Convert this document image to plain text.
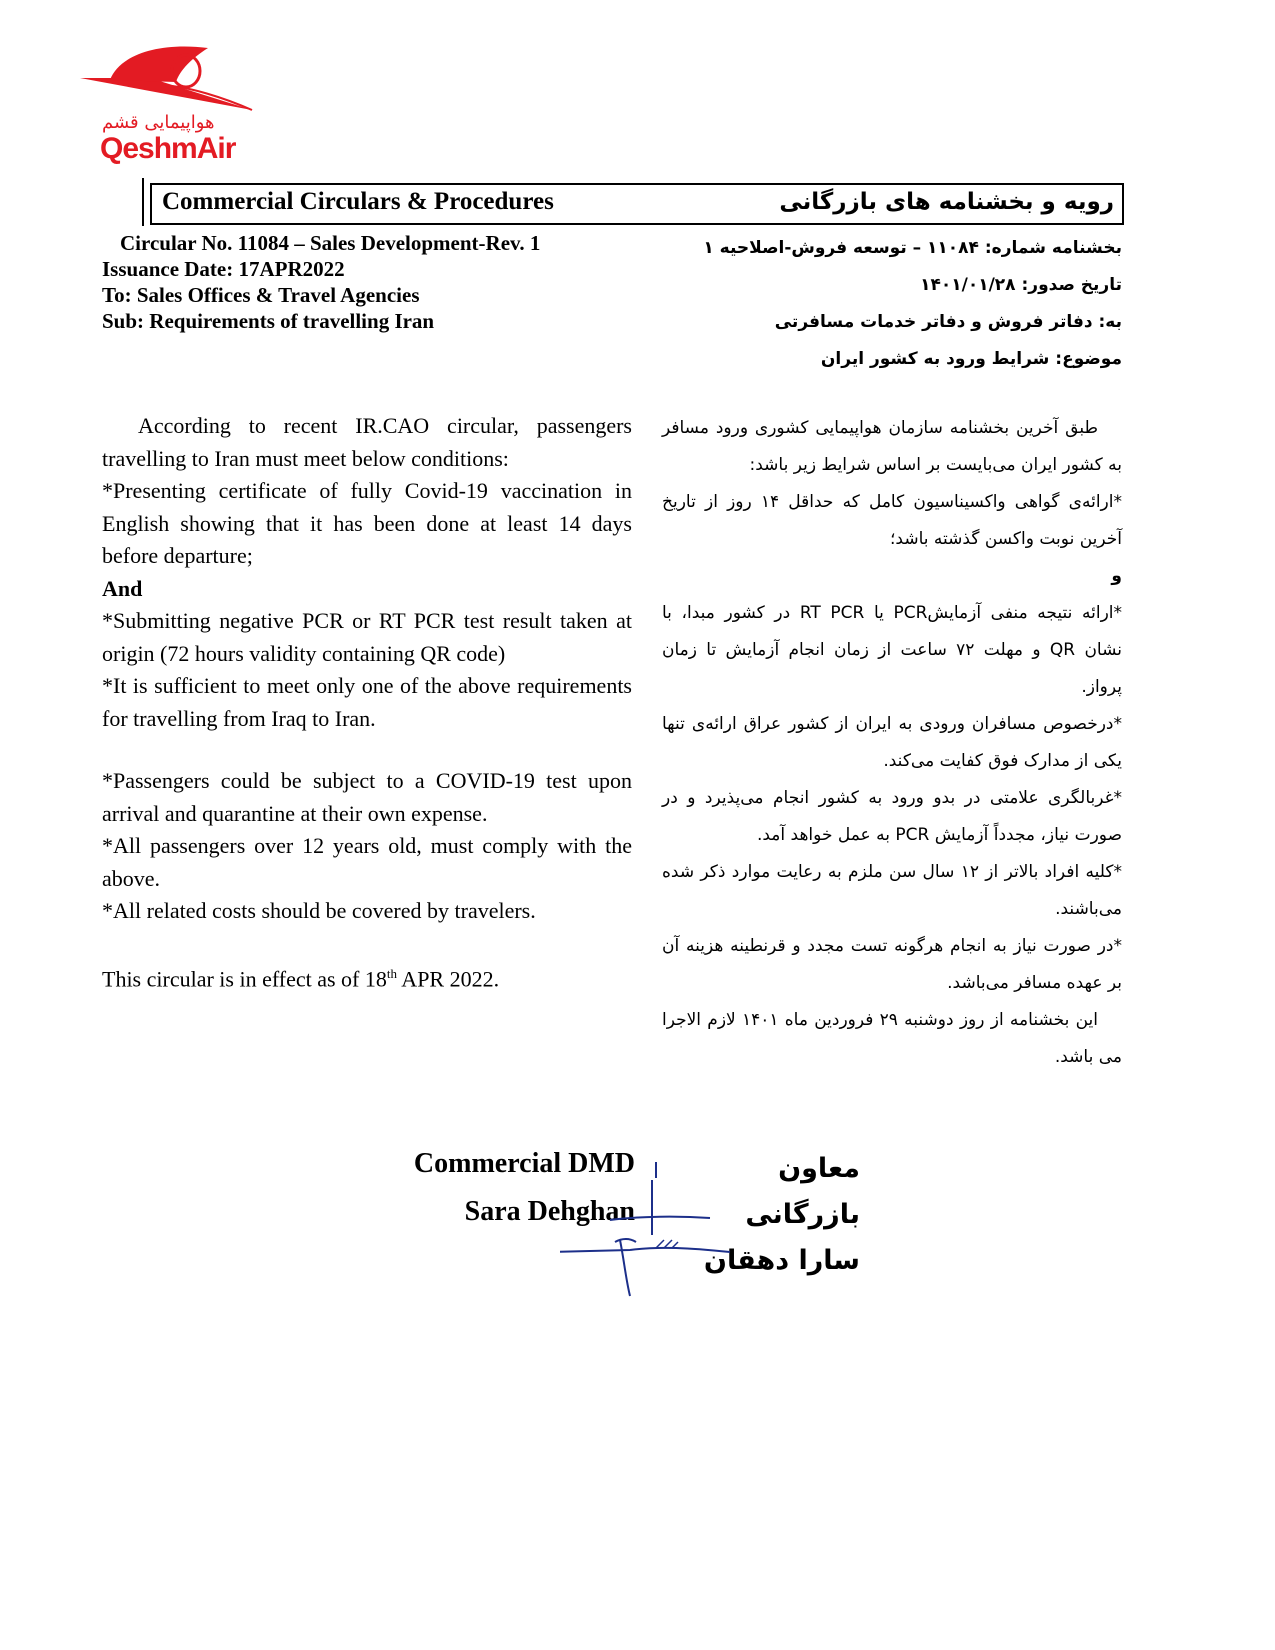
هواپیمایی قشم
QeshmAir
Commercial Circulars & Procedures	رویه و بخشنامه های بازرگانی
Circular No. 11084 – Sales Development-Rev. 1
Issuance Date: 17APR2022
To: Sales Offices & Travel Agencies
Sub: Requirements of travelling Iran
بخشنامه شماره: ۱۱۰۸۴ – توسعه فروش-اصلاحیه ۱
تاریخ صدور: ۱۴۰۱/۰۱/۲۸
به: دفاتر فروش و دفاتر خدمات مسافرتی
موضوع: شرایط ورود به کشور ایران

According to recent IR.CAO circular, passengers travelling to Iran must meet below conditions:

*Presenting certificate of fully Covid-19 vaccination in English showing that it has been done at least 14 days before departure;

And

*Submitting negative PCR or RT PCR test result taken at origin (72 hours validity containing QR code)

*It is sufficient to meet only one of the above requirements for travelling from Iraq to Iran.

*Passengers could be subject to a COVID-19 test upon arrival and quarantine at their own expense.

*All passengers over 12 years old, must comply with the above.

*All related costs should be covered by travelers.

This circular is in effect as of 18th APR 2022.

طبق آخرین بخشنامه سازمان هواپیمایی کشوری ورود مسافر به کشور ایران می‌بایست بر اساس شرایط زیر باشد:

*ارائه‌ی گواهی واکسیناسیون کامل که حداقل ۱۴ روز از تاریخ آخرین نوبت واکسن گذشته باشد؛

و

*ارائه نتیجه منفی آزمایشPCR یا RT PCR در کشور مبدا، با نشان QR و مهلت ۷۲ ساعت از زمان انجام آزمایش تا زمان پرواز.

*درخصوص مسافران ورودی به ایران از کشور عراق ارائه‌ی تنها یکی از مدارک فوق کفایت می‌کند.

*غربالگری علامتی در بدو ورود به کشور انجام می‌پذیرد و در صورت نیاز، مجدداً آزمایش PCR به عمل خواهد آمد.

*کلیه افراد بالاتر از ۱۲ سال سن ملزم به رعایت موارد ذکر شده می‌باشند.

*در صورت نیاز به انجام هرگونه تست مجدد و قرنطینه هزینه آن بر عهده مسافر می‌باشد.

این بخشنامه از روز دوشنبه ۲۹ فروردین ماه ۱۴۰۱ لازم الاجرا می باشد.

Commercial DMD
Sara Dehghan
معاون بازرگانی
سارا دهقان
